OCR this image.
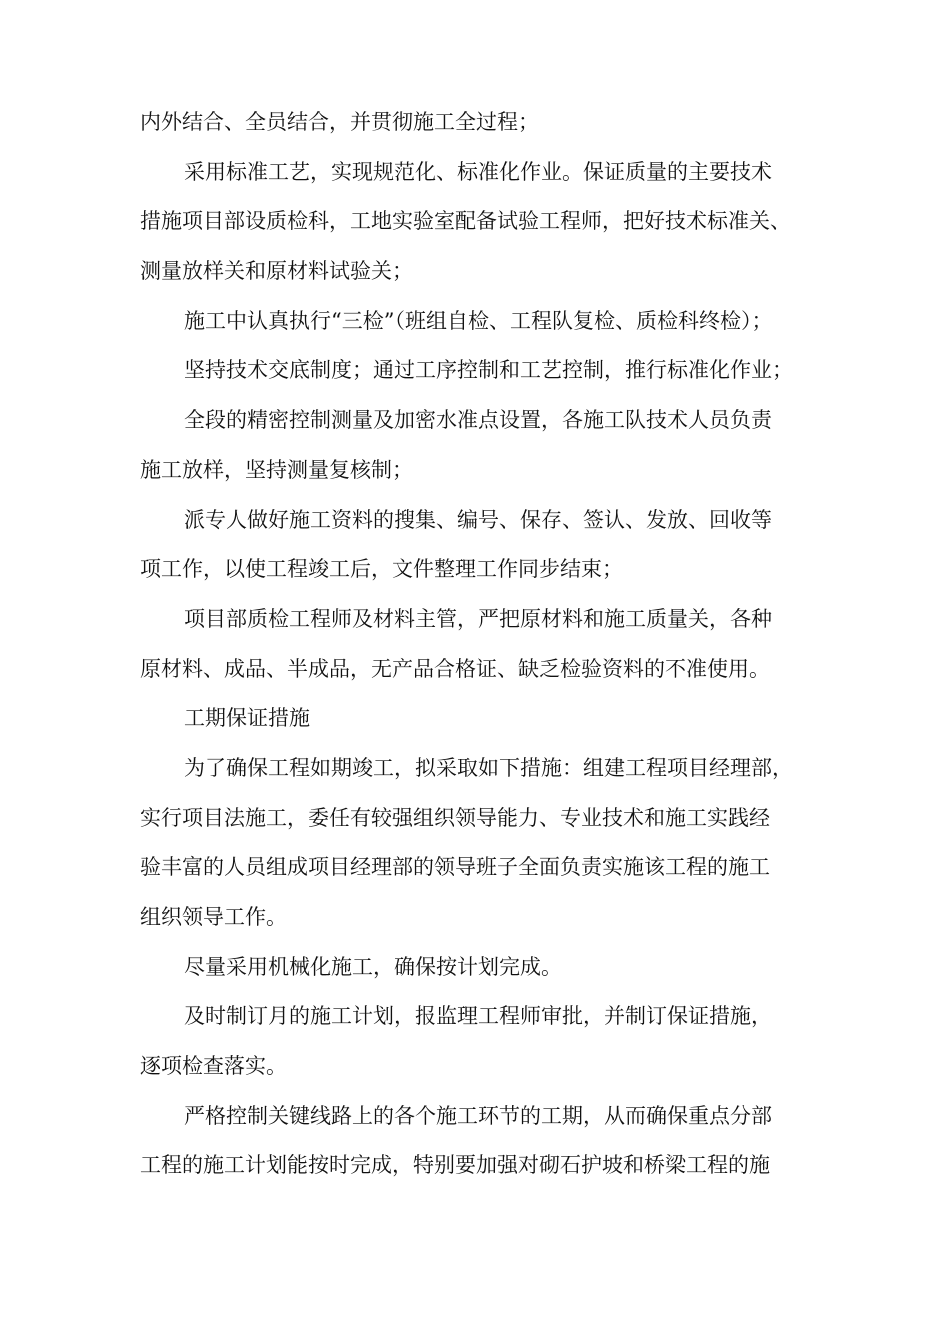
内外结合、全员结合，并贯彻施工全过程；
采用标准工艺，实现规范化、标准化作业。保证质量的主要技术
措施项目部设质检科，工地实验室配备试验工程师，把好技术标准关、
测量放样关和原材料试验关；
施工中认真执行“三检”（班组自检、工程队复检、质检科终检）；
坚持技术交底制度；通过工序控制和工艺控制，推行标准化作业；
全段的精密控制测量及加密水准点设置，各施工队技术人员负责
施工放样，坚持测量复核制；
派专人做好施工资料的搜集、编号、保存、签认、发放、回收等
项工作，以使工程竣工后，文件整理工作同步结束；
项目部质检工程师及材料主管，严把原材料和施工质量关，各种
原材料、成品、半成品，无产品合格证、缺乏检验资料的不准使用。
工期保证措施
为了确保工程如期竣工，拟采取如下措施：组建工程项目经理部，
实行项目法施工，委任有较强组织领导能力、专业技术和施工实践经
验丰富的人员组成项目经理部的领导班子全面负责实施该工程的施工
组织领导工作。
尽量采用机械化施工，确保按计划完成。
及时制订月的施工计划，报监理工程师审批，并制订保证措施，
逐项检查落实。
严格控制关键线路上的各个施工环节的工期，从而确保重点分部
工程的施工计划能按时完成，特别要加强对砌石护坡和桥梁工程的施
